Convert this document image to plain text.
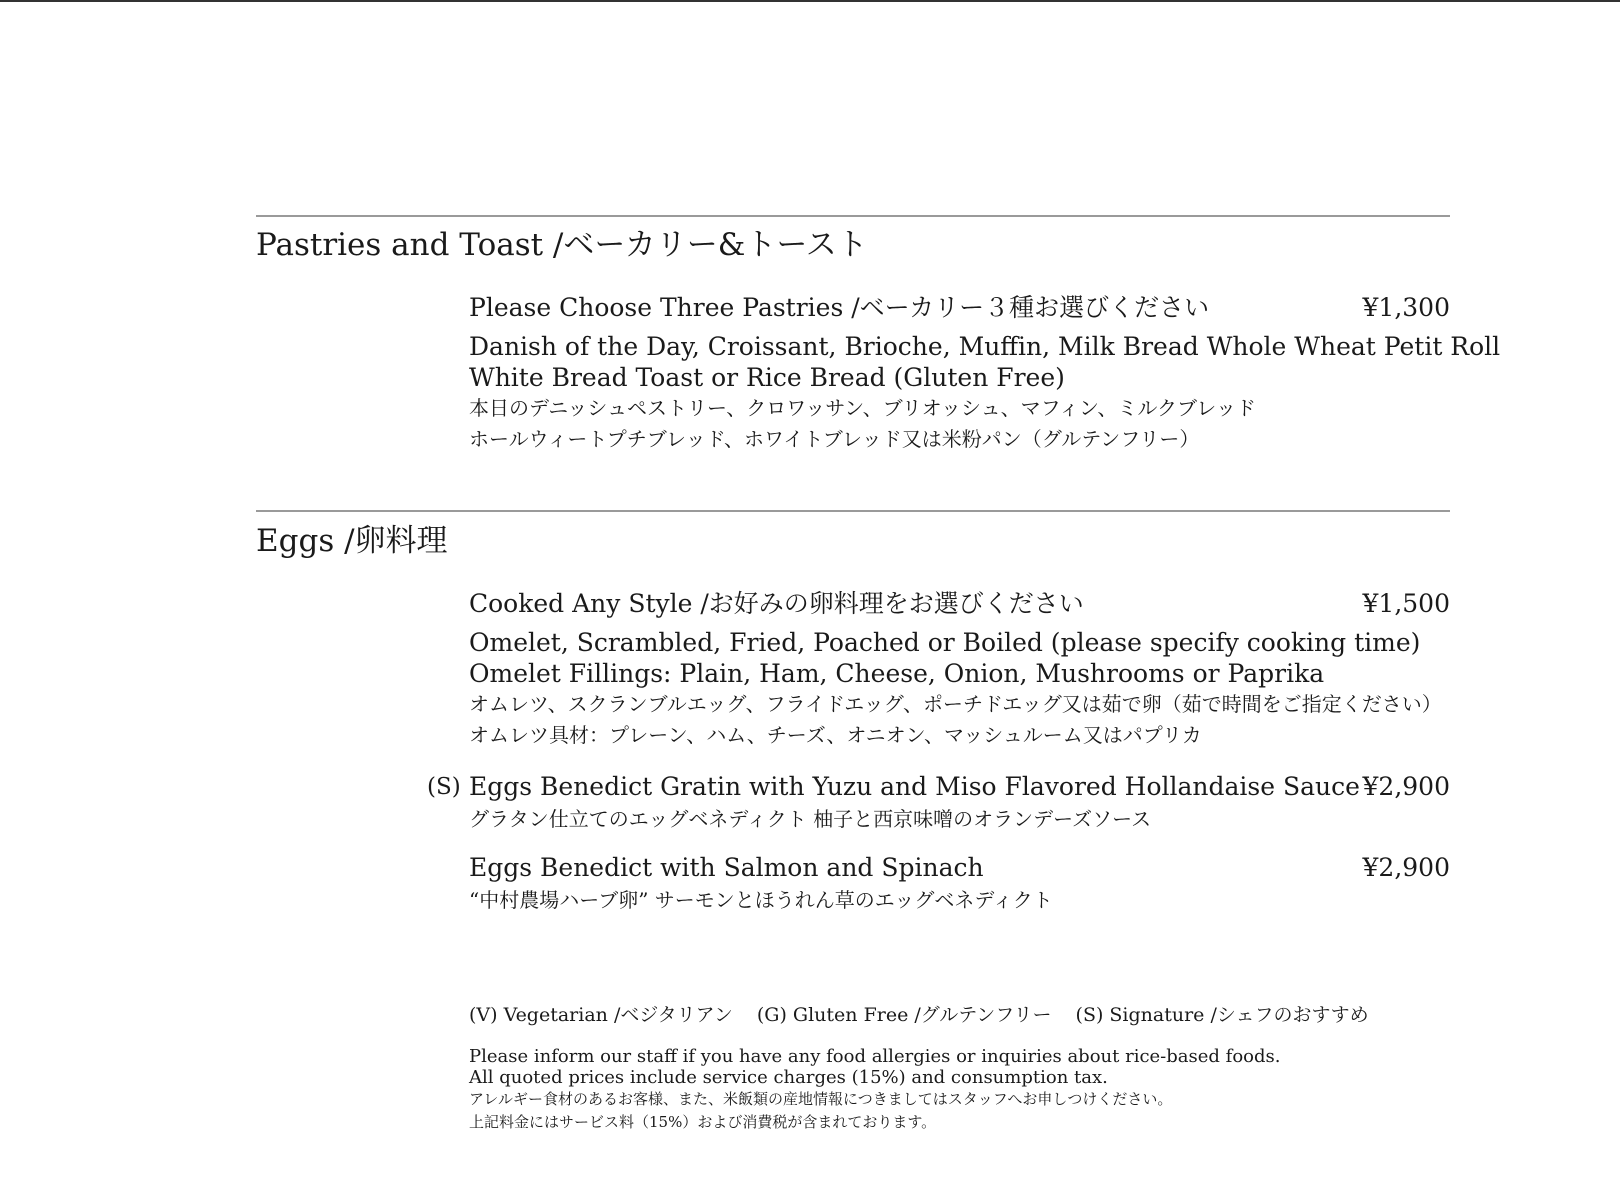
Pastries and Toast /ベーカリー&トースト
Please Choose Three Pastries /ベーカリー３種お選びください	¥1,300
Danish of the Day, Croissant, Brioche, Muffin, Milk Bread Whole Wheat Petit Roll
White Bread Toast or Rice Bread (Gluten Free)
本日のデニッシュペストリー、クロワッサン、ブリオッシュ、マフィン、ミルクブレッド
ホールウィートプチブレッド、ホワイトブレッド又は米粉パン（グルテンフリー）
Eggs /卵料理
Cooked Any Style /お好みの卵料理をお選びください	¥1,500
Omelet, Scrambled, Fried, Poached or Boiled (please specify cooking time)
Omelet Fillings: Plain, Ham, Cheese, Onion, Mushrooms or Paprika
オムレツ、スクランブルエッグ、フライドエッグ、ポーチドエッグ又は茹で卵（茹で時間をご指定ください）
オムレツ具材：プレーン、ハム、チーズ、オニオン、マッシュルーム又はパプリカ
(S) Eggs Benedict Gratin with Yuzu and Miso Flavored Hollandaise Sauce ¥2,900
グラタン仕立てのエッグベネディクト 柚子と西京味噌のオランデーズソース
Eggs Benedict with Salmon and Spinach	¥2,900
“中村農場ハーブ卵” サーモンとほうれん草のエッグベネディクト
(V) Vegetarian /ベジタリアン (G) Gluten Free /グルテンフリー (S) Signature /シェフのおすすめ
Please inform our staff if you have any food allergies or inquiries about rice-based foods.
All quoted prices include service charges (15%) and consumption tax.
アレルギー食材のあるお客様、また、米飯類の産地情報につきましてはスタッフへお申しつけください。
上記料金にはサービス料（15%）および消費税が含まれております。
